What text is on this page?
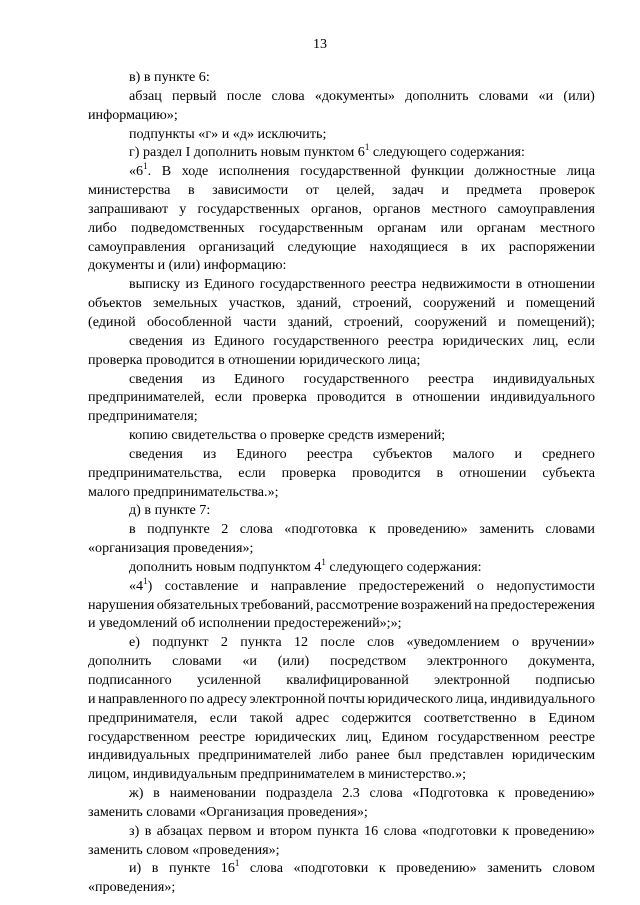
13
в) в пункте 6:
абзац первый после слова «документы» дополнить словами «и (или)
информацию»;
подпункты «г» и «д» исключить;
г) раздел I дополнить новым пунктом $6^1$ следующего содержания:
«$6^1$. В ходе исполнения государственной функции должностные лица
министерства в зависимости от целей, задач и предмета проверок
запрашивают у государственных органов, органов местного самоуправления
либо подведомственных государственным органам или органам местного
самоуправления организаций следующие находящиеся в их распоряжении
документы и (или) информацию:
выписку из Единого государственного реестра недвижимости в отношении
объектов земельных участков, зданий, строений, сооружений и помещений
(единой обособленной части зданий, строений, сооружений и помещений);
сведения из Единого государственного реестра юридических лиц, если
проверка проводится в отношении юридического лица;
сведения из Единого государственного реестра индивидуальных
предпринимателей, если проверка проводится в отношении индивидуального
предпринимателя;
копию свидетельства о проверке средств измерений;
сведения из Единого реестра субъектов малого и среднего
предпринимательства, если проверка проводится в отношении субъекта
малого предпринимательства.»;
д) в пункте 7:
в подпункте 2 слова «подготовка к проведению» заменить словами
«организация проведения»;
дополнить новым подпунктом $4^1$ следующего содержания:
«$4^1$) составление и направление предостережений о недопустимости
нарушения обязательных требований, рассмотрение возражений на предостережения
и уведомлений об исполнении предостережений»;»;
е) подпункт 2 пункта 12 после слов «уведомлением о вручении»
дополнить словами «и (или) посредством электронного документа,
подписанного усиленной квалифицированной электронной подписью
и направленного по адресу электронной почты юридического лица, индивидуального
предпринимателя, если такой адрес содержится соответственно в Едином
государственном реестре юридических лиц, Едином государственном реестре
индивидуальных предпринимателей либо ранее был представлен юридическим
лицом, индивидуальным предпринимателем в министерство.»;
ж) в наименовании подраздела 2.3 слова «Подготовка к проведению»
заменить словами «Организация проведения»;
з) в абзацах первом и втором пункта 16 слова «подготовки к проведению»
заменить словом «проведения»;
и) в пункте $16^1$ слова «подготовки к проведению» заменить словом
«проведения»;
